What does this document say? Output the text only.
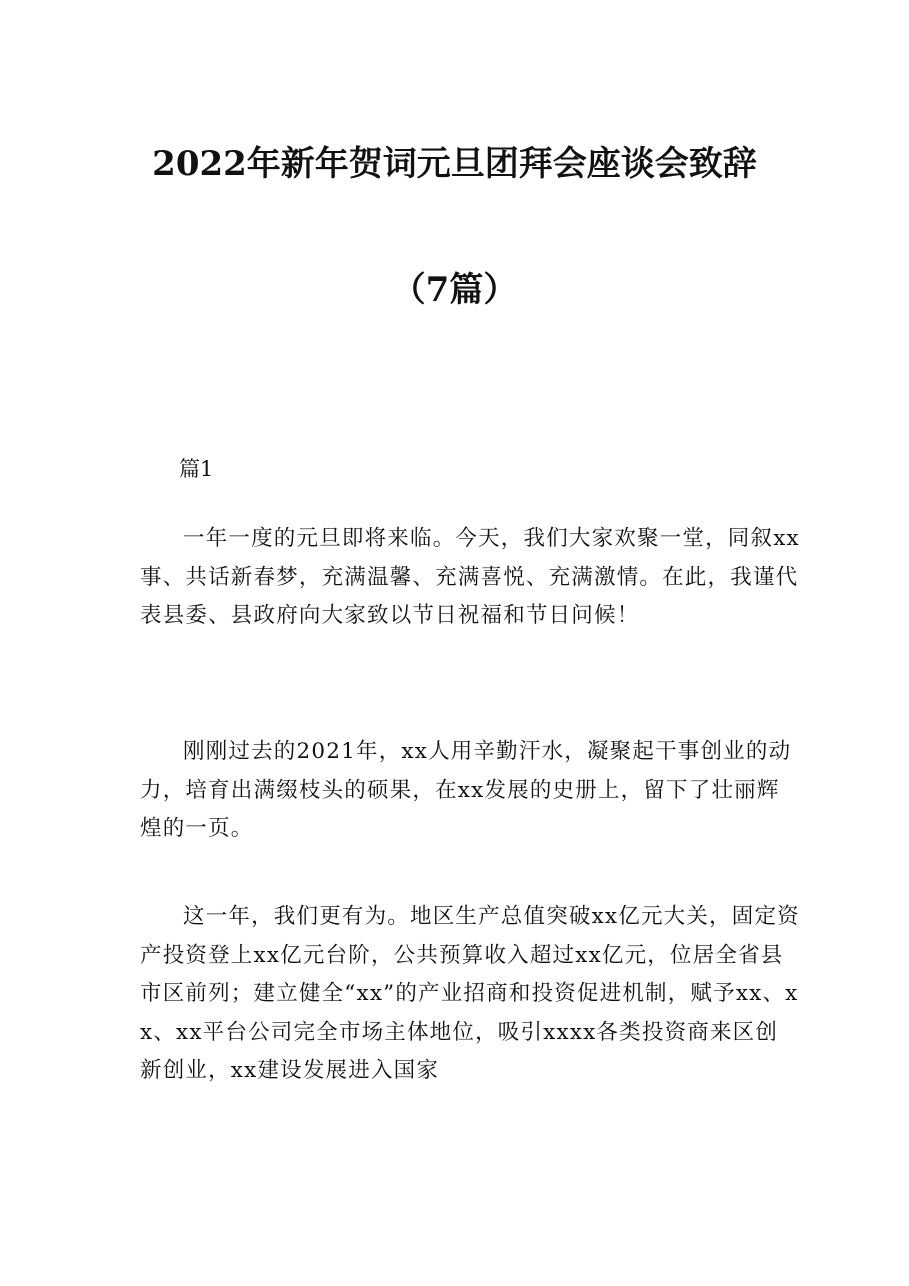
2022年新年贺词元旦团拜会座谈会致辞
（7篇）
篇1

一年一度的元旦即将来临。今天，我们大家欢聚一堂，同叙xx事、共话新春梦，充满温馨、充满喜悦、充满激情。在此，我谨代表县委、县政府向大家致以节日祝福和节日问候！

刚刚过去的2021年，xx人用辛勤汗水，凝聚起干事创业的动力，培育出满缀枝头的硕果，在xx发展的史册上，留下了壮丽辉煌的一页。

这一年，我们更有为。地区生产总值突破xx亿元大关，固定资产投资登上xx亿元台阶，公共预算收入超过xx亿元，位居全省县市区前列；建立健全“xx”的产业招商和投资促进机制，赋予xx、xx、xx平台公司完全市场主体地位，吸引xxxx各类投资商来区创新创业，xx建设发展进入国家
